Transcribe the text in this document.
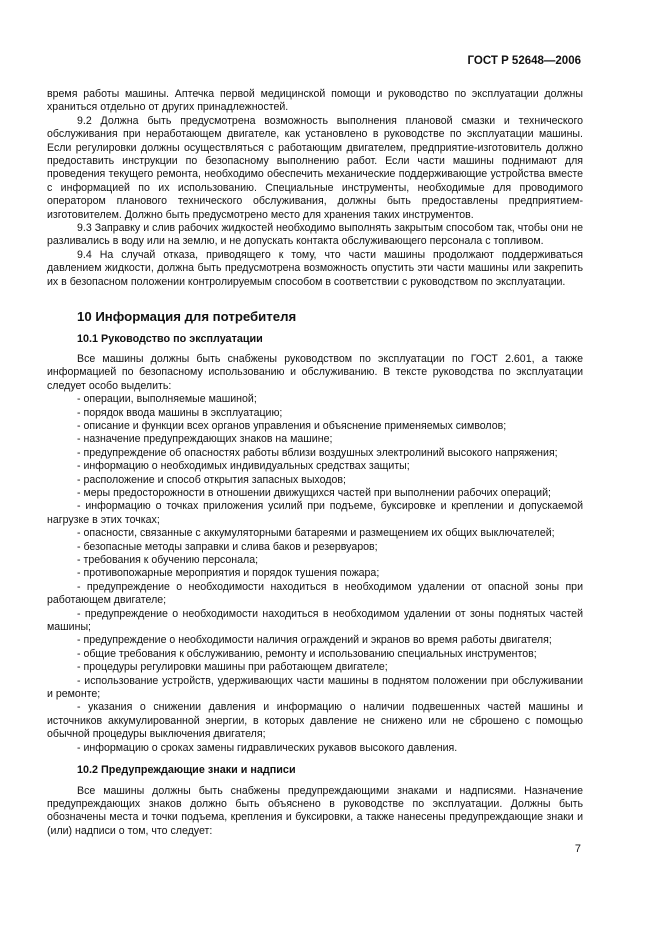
ГОСТ Р 52648—2006

время работы машины. Аптечка первой медицинской помощи и руководство по эксплуатации должны храниться отдельно от других принадлежностей.

9.2 Должна быть предусмотрена возможность выполнения плановой смазки и технического обслуживания при неработающем двигателе, как установлено в руководстве по эксплуатации машины. Если регулировки должны осуществляться с работающим двигателем, предприятие-изготовитель должно предоставить инструкции по безопасному выполнению работ. Если части машины поднимают для проведения текущего ремонта, необходимо обеспечить механические поддерживающие устройства вместе с информацией по их использованию. Специальные инструменты, необходимые для проводимого оператором планового технического обслуживания, должны быть предоставлены предприятием-изготовителем. Должно быть предусмотрено место для хранения таких инструментов.

9.3 Заправку и слив рабочих жидкостей необходимо выполнять закрытым способом так, чтобы они не разливались в воду или на землю, и не допускать контакта обслуживающего персонала с топливом.

9.4 На случай отказа, приводящего к тому, что части машины продолжают поддерживаться давлением жидкости, должна быть предусмотрена возможность опустить эти части машины или закрепить их в безопасном положении контролируемым способом в соответствии с руководством по эксплуатации.

10 Информация для потребителя

10.1 Руководство по эксплуатации

Все машины должны быть снабжены руководством по эксплуатации по ГОСТ 2.601, а также информацией по безопасному использованию и обслуживанию. В тексте руководства по эксплуатации следует особо выделить:

- операции, выполняемые машиной;

- порядок ввода машины в эксплуатацию;

- описание и функции всех органов управления и объяснение применяемых символов;

- назначение предупреждающих знаков на машине;

- предупреждение об опасностях работы вблизи воздушных электролиний высокого напряжения;

- информацию о необходимых индивидуальных средствах защиты;

- расположение и способ открытия запасных выходов;

- меры предосторожности в отношении движущихся частей при выполнении рабочих операций;

- информацию о точках приложения усилий при подъеме, буксировке и креплении и допускаемой нагрузке в этих точках;

- опасности, связанные с аккумуляторными батареями и размещением их общих выключателей;

- безопасные методы заправки и слива баков и резервуаров;

- требования к обучению персонала;

- противопожарные мероприятия и порядок тушения пожара;

- предупреждение о необходимости находиться в необходимом удалении от опасной зоны при работающем двигателе;

- предупреждение о необходимости находиться в необходимом удалении от зоны поднятых частей машины;

- предупреждение о необходимости наличия ограждений и экранов во время работы двигателя;

- общие требования к обслуживанию, ремонту и использованию специальных инструментов;

- процедуры регулировки машины при работающем двигателе;

- использование устройств, удерживающих части машины в поднятом положении при обслуживании и ремонте;

- указания о снижении давления и информацию о наличии подвешенных частей машины и источников аккумулированной энергии, в которых давление не снижено или не сброшено с помощью обычной процедуры выключения двигателя;

- информацию о сроках замены гидравлических рукавов высокого давления.

10.2 Предупреждающие знаки и надписи

Все машины должны быть снабжены предупреждающими знаками и надписями. Назначение предупреждающих знаков должно быть объяснено в руководстве по эксплуатации. Должны быть обозначены места и точки подъема, крепления и буксировки, а также нанесены предупреждающие знаки и (или) надписи о том, что следует:

7
